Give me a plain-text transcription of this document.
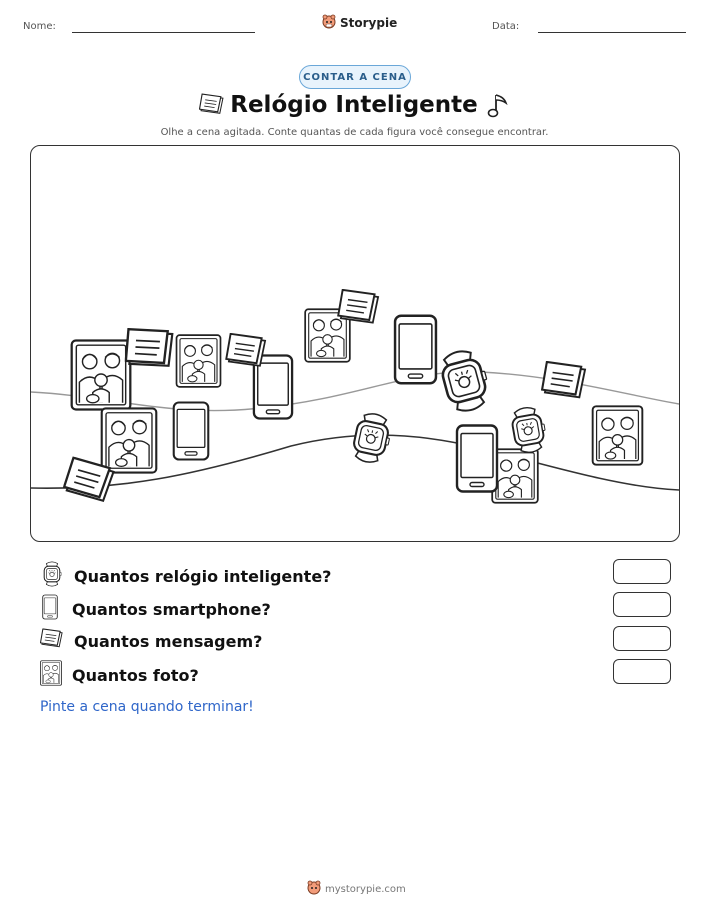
Nome:	Storypie	Data:
CONTAR A CENA
Relógio Inteligente
Olhe a cena agitada. Conte quantas de cada figura você consegue encontrar.
Quantos relógio inteligente?
Quantos smartphone?
Quantos mensagem?
Quantos foto?
Pinte a cena quando terminar!
mystorypie.com
